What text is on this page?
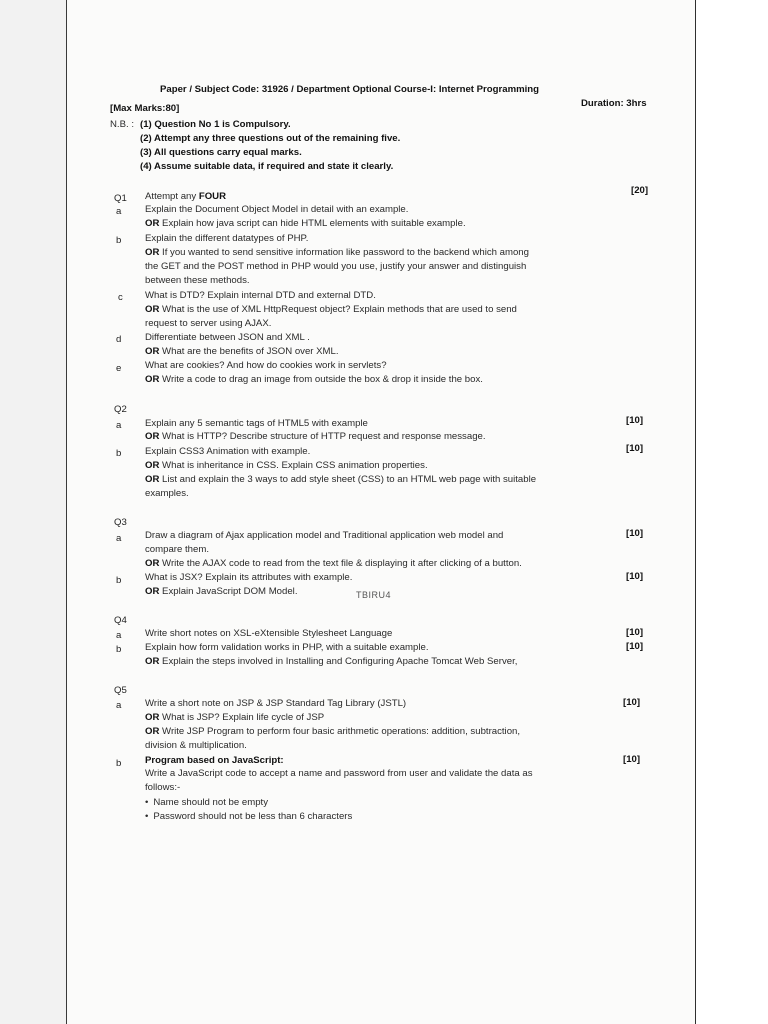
Paper / Subject Code: 31926 / Department Optional Course-I: Internet Programming
[Max Marks:80]	Duration: 3hrs
N.B. : (1) Question No 1 is Compulsory.
(2) Attempt any three questions out of the remaining five.
(3) All questions carry equal marks.
(4) Assume suitable data, if required and state it clearly.
Q1 Attempt any FOUR
[20]
a Explain the Document Object Model in detail with an example.
OR Explain how java script can hide HTML elements with suitable example.
b Explain the different datatypes of PHP.
OR If you wanted to send sensitive information like password to the backend which among
the GET and the POST method in PHP would you use, justify your answer and distinguish
between these methods.
c What is DTD? Explain internal DTD and external DTD.
OR What is the use of XML HttpRequest object? Explain methods that are used to send
request to server using AJAX.
d Differentiate between JSON and XML .
OR What are the benefits of JSON over XML.
e What are cookies? And how do cookies work in servlets?
OR Write a code to drag an image from outside the box & drop it inside the box.
Q2
a Explain any 5 semantic tags of HTML5 with example	[10]
OR What is HTTP? Describe structure of HTTP request and response message.
b Explain CSS3 Animation with example.	[10]
OR What is inheritance in CSS. Explain CSS animation properties.
OR List and explain the 3 ways to add style sheet (CSS) to an HTML web page with suitable
examples.
Q3
a Draw a diagram of Ajax application model and Traditional application web model and	[10]
compare them.
OR Write the AJAX code to read from the text file & displaying it after clicking of a button.
b What is JSX? Explain its attributes with example.	[10]
OR Explain JavaScript DOM Model.	TBIRU4
Q4
a Write short notes on XSL-eXtensible Stylesheet Language	[10]
b Explain how form validation works in PHP, with a suitable example.	[10]
OR Explain the steps involved in Installing and Configuring Apache Tomcat Web Server,
Q5
a Write a short note on JSP & JSP Standard Tag Library (JSTL)	[10]
OR What is JSP? Explain life cycle of JSP
OR Write JSP Program to perform four basic arithmetic operations: addition, subtraction,
division & multiplication.
b Program based on JavaScript:	[10]
Write a JavaScript code to accept a name and password from user and validate the data as
follows:-
• Name should not be empty
• Password should not be less than 6 characters
